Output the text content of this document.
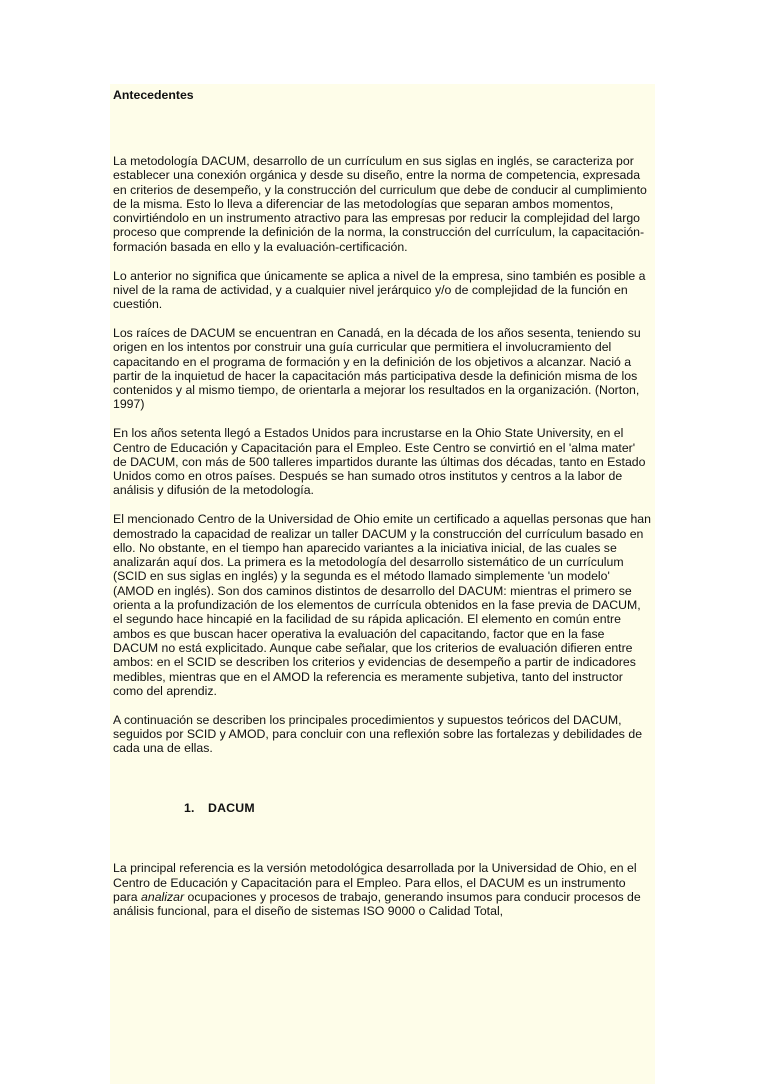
Antecedentes

La metodología DACUM, desarrollo de un currículum en sus siglas en inglés, se caracteriza por establecer una conexión orgánica y desde su diseño, entre la norma de competencia, expresada en criterios de desempeño, y la construcción del curriculum que debe de conducir al cumplimiento de la misma. Esto lo lleva a diferenciar de las metodologías que separan ambos momentos, convirtiéndolo en un instrumento atractivo para las empresas por reducir la complejidad del largo proceso que comprende la definición de la norma, la construcción del currículum, la capacitación-formación basada en ello y la evaluación-certificación.

Lo anterior no significa que únicamente se aplica a nivel de la empresa, sino también es posible a nivel de la rama de actividad, y a cualquier nivel jerárquico y/o de complejidad de la función en cuestión.

Los raíces de DACUM se encuentran en Canadá, en la década de los años sesenta, teniendo su origen en los intentos por construir una guía curricular que permitiera el involucramiento del capacitando en el programa de formación y en la definición de los objetivos a alcanzar. Nació a partir de la inquietud de hacer la capacitación más participativa desde la definición misma de los contenidos y al mismo tiempo, de orientarla a mejorar los resultados en la organización. (Norton, 1997)

En los años setenta llegó a Estados Unidos para incrustarse en la Ohio State University, en el Centro de Educación y Capacitación para el Empleo. Este Centro se convirtió en el 'alma mater' de DACUM, con más de 500 talleres impartidos durante las últimas dos décadas, tanto en Estado Unidos como en otros países. Después se han sumado otros institutos y centros a la labor de análisis y difusión de la metodología.

El mencionado Centro de la Universidad de Ohio emite un certificado a aquellas personas que han demostrado la capacidad de realizar un taller DACUM y la construcción del currículum basado en ello. No obstante, en el tiempo han aparecido variantes a la iniciativa inicial, de las cuales se analizarán aquí dos. La primera es la metodología del desarrollo sistemático de un currículum (SCID en sus siglas en inglés) y la segunda es el método llamado simplemente 'un modelo' (AMOD en inglés). Son dos caminos distintos de desarrollo del DACUM: mientras el primero se orienta a la profundización de los elementos de currícula obtenidos en la fase previa de DACUM, el segundo hace hincapié en la facilidad de su rápida aplicación. El elemento en común entre ambos es que buscan hacer operativa la evaluación del capacitando, factor que en la fase DACUM no está explicitado. Aunque cabe señalar, que los criterios de evaluación difieren entre ambos: en el SCID se describen los criterios y evidencias de desempeño a partir de indicadores medibles, mientras que en el AMOD la referencia es meramente subjetiva, tanto del instructor como del aprendiz.

A continuación se describen los principales procedimientos y supuestos teóricos del DACUM, seguidos por SCID y AMOD, para concluir con una reflexión sobre las fortalezas y debilidades de cada una de ellas.

1. DACUM

La principal referencia es la versión metodológica desarrollada por la Universidad de Ohio, en el Centro de Educación y Capacitación para el Empleo. Para ellos, el DACUM es un instrumento para analizar ocupaciones y procesos de trabajo, generando insumos para conducir procesos de análisis funcional, para el diseño de sistemas ISO 9000 o Calidad Total,
